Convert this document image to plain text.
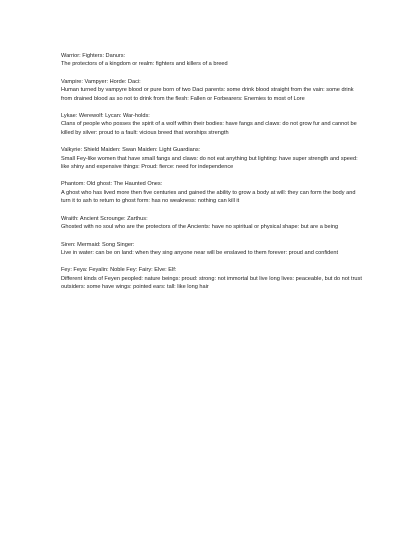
Warrior: Fighters: Danurs:
The protectors of a kingdom or realm: fighters and killers of a breed
Vampire: Vampyer: Horde: Daci:
Human turned by vampyre blood or pure born of two Daci parents: some drink blood straight from the vain: some drink from drained blood as so not to drink from the flesh: Fallen or Forbearers: Enemies to most of Lore
Lykae: Werewolf: Lycan: War-holds:
Clans of people who posses the spirit of a wolf within their bodies: have fangs and claws: do not grow fur and cannot be killed by silver: proud to a fault: vicious breed that worships strength
Valkyrie: Shield Maiden: Swan Maiden: Light Guardians:
Small Fey-like women that have small fangs and claws: do not eat anything but lighting: have super strength and speed: like shiny and expensive things: Proud: fierce: need for independence
Phantom: Old ghost: The Haunted Ones:
A ghost who has lived more then five centuries and gained the ability to grow a body at will: they can form the body and turn it to ash to return to ghost form: has no weakness: nothing can kill it
Wraith: Ancient Scrounge: Zarthus:
Ghosted with no soul who are the protectors of the Ancients: have no spiritual or physical shape: but are a being
Siren: Mermaid: Song Singer:
Live in water: can be on land: when they sing anyone near will be enslaved to them forever: proud and confident
Fey: Feya: Feyalin: Noble Fey: Fairy: Elve: Elf:
Different kinds of Feyen peopled: nature beings: proud: strong: not immortal but live long lives: peaceable, but do not trust outsiders: some have wings: pointed ears: tall: like long hair
